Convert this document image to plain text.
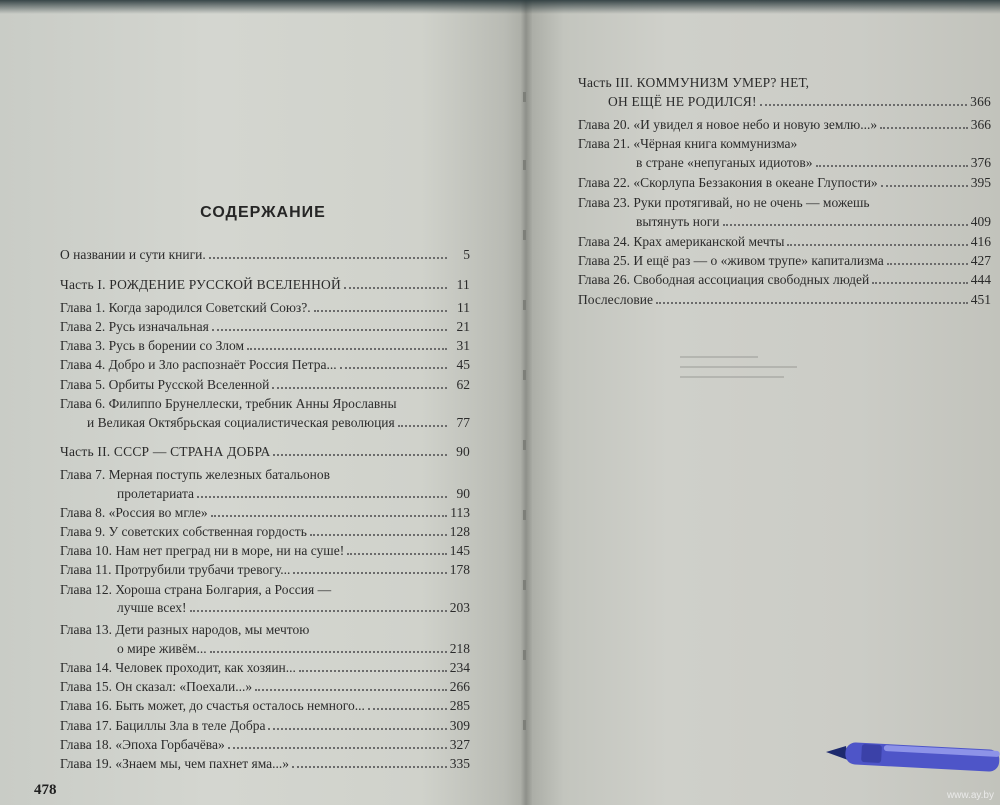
СОДЕРЖАНИЕ
О названии и сути книги.	5
Часть I. РОЖДЕНИЕ РУССКОЙ ВСЕЛЕННОЙ	11
Глава 1. Когда зародился Советский Союз?.	11
Глава 2. Русь изначальная	21
Глава 3. Русь в борении со Злом	31
Глава 4. Добро и Зло распознаёт Россия Петра...	45
Глава 5. Орбиты Русской Вселенной	62
Глава 6. Филиппо Брунеллески, требник Анны Ярославны
и Великая Октябрьская социалистическая революция	77
Часть II. СССР — СТРАНА ДОБРА	90
Глава 7. Мерная поступь железных батальонов
пролетариата	90
Глава 8. «Россия во мгле»	113
Глава 9. У советских собственная гордость	128
Глава 10. Нам нет преград ни в море, ни на суше!	145
Глава 11. Протрубили трубачи тревогу...	178
Глава 12. Хороша страна Болгария, а Россия —
лучше всех!	203
Глава 13. Дети разных народов, мы мечтою
о мире живём...	218
Глава 14. Человек проходит, как хозяин...	234
Глава 15. Он сказал: «Поехали...»	266
Глава 16. Быть может, до счастья осталось немного...	285
Глава 17. Бациллы Зла в теле Добра	309
Глава 18. «Эпоха Горбачёва»	327
Глава 19. «Знаем мы, чем пахнет яма...»	335
478
Часть III. КОММУНИЗМ УМЕР? НЕТ,
ОН ЕЩЁ НЕ РОДИЛСЯ!	366
Глава 20. «И увидел я новое небо и новую землю...»	366
Глава 21. «Чёрная книга коммунизма»
в стране «непуганых идиотов»	376
Глава 22. «Скорлупа Беззакония в океане Глупости»	395
Глава 23. Руки протягивай, но не очень — можешь
вытянуть ноги	409
Глава 24. Крах американской мечты	416
Глава 25. И ещё раз — о «живом трупе» капитализма	427
Глава 26. Свободная ассоциация свободных людей	444
Послесловие	451
www.ay.by
